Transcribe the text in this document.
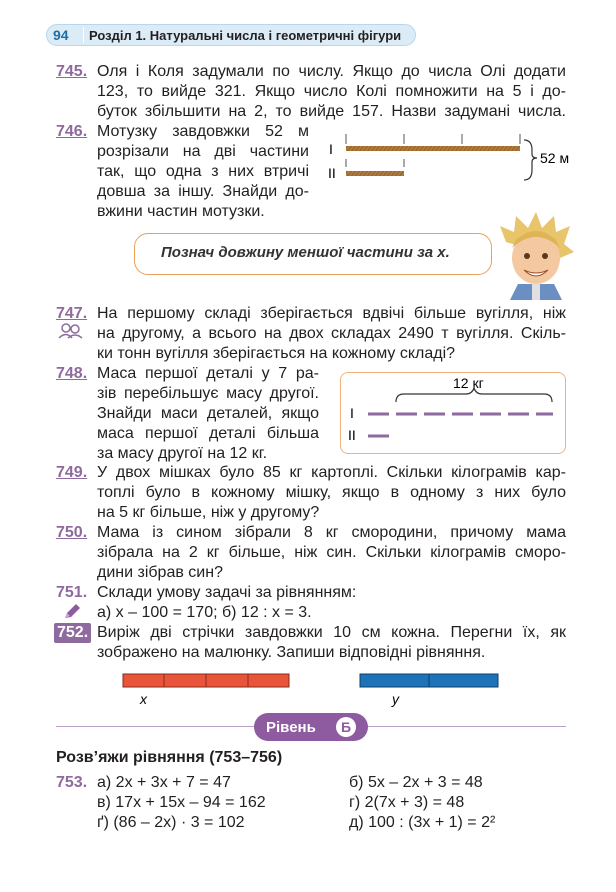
94 Розділ 1. Натуральні числа і геометричні фігури
745. Оля і Коля задумали по числу. Якщо до числа Олі додати
123, то вийде 321. Якщо число Колі помножити на 5 і до-
буток збільшити на 2, то вийде 157. Назви задумані числа.
746. Мотузку завдовжки 52 м
розрізали на дві частини
так, що одна з них втричі
довша за іншу. Знайди до-
вжини частин мотузки.
I
II
52 м
Познач довжину меншої частини за x.
747. На першому складі зберігається вдвічі більше вугілля, ніж
на другому, а всього на двох складах 2490 т вугілля. Скіль-
ки тонн вугілля зберігається на кожному складі?
748. Маса першої деталі у 7 ра-
зів перебільшує масу другої.
Знайди маси деталей, якщо
маса першої деталі більша
за масу другої на 12 кг.
12 кг
I
II
749. У двох мішках було 85 кг картоплі. Скільки кілограмів кар-
топлі було в кожному мішку, якщо в одному з них було
на 5 кг більше, ніж у другому?
750. Мама із сином зібрали 8 кг смородини, причому мама
зібрала на 2 кг більше, ніж син. Скільки кілограмів сморо-
дини зібрав син?
751. Склади умову задачі за рівнянням:
а) x – 100 = 170; б) 12 : x = 3.
752. Виріж дві стрічки завдовжки 10 см кожна. Перегни їх, як
зображено на малюнку. Запиши відповідні рівняння.
x	y
Рівень	Б
Розв’яжи рівняння (753–756)
753. а) 2x + 3x + 7 = 47
в) 17x + 15x – 94 = 162
ґ) (86 – 2x) · 3 = 102
б) 5x – 2x + 3 = 48
г) 2(7x + 3) = 48
д) 100 : (3x + 1) = 2²
